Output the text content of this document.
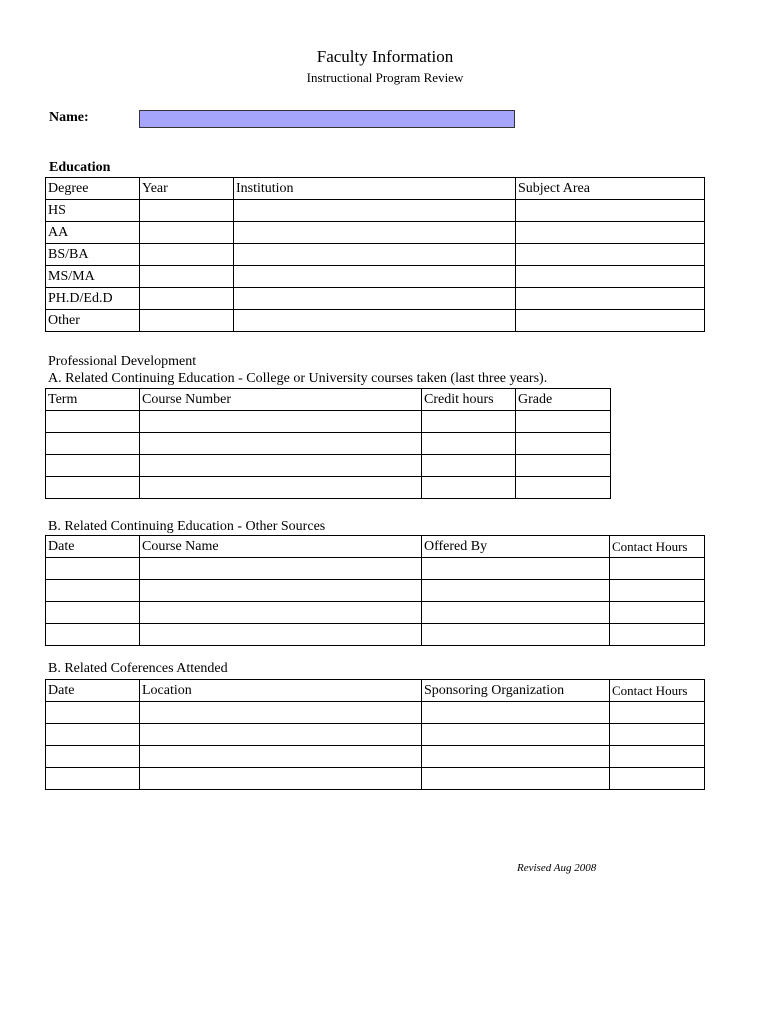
Faculty Information
Instructional Program Review
Name:
Education
Degree	Year	Institution	Subject Area
HS			
AA			
BS/BA			
MS/MA			
PH.D/Ed.D			
Other			
Professional Development
A. Related Continuing Education - College or University courses taken (last three years).
Term	Course Number	Credit hours	Grade

B. Related Continuing Education - Other Sources
Date	Course Name	Offered By	Contact Hours

B. Related Coferences Attended
Date	Location	Sponsoring Organization	Contact Hours

Revised Aug 2008
